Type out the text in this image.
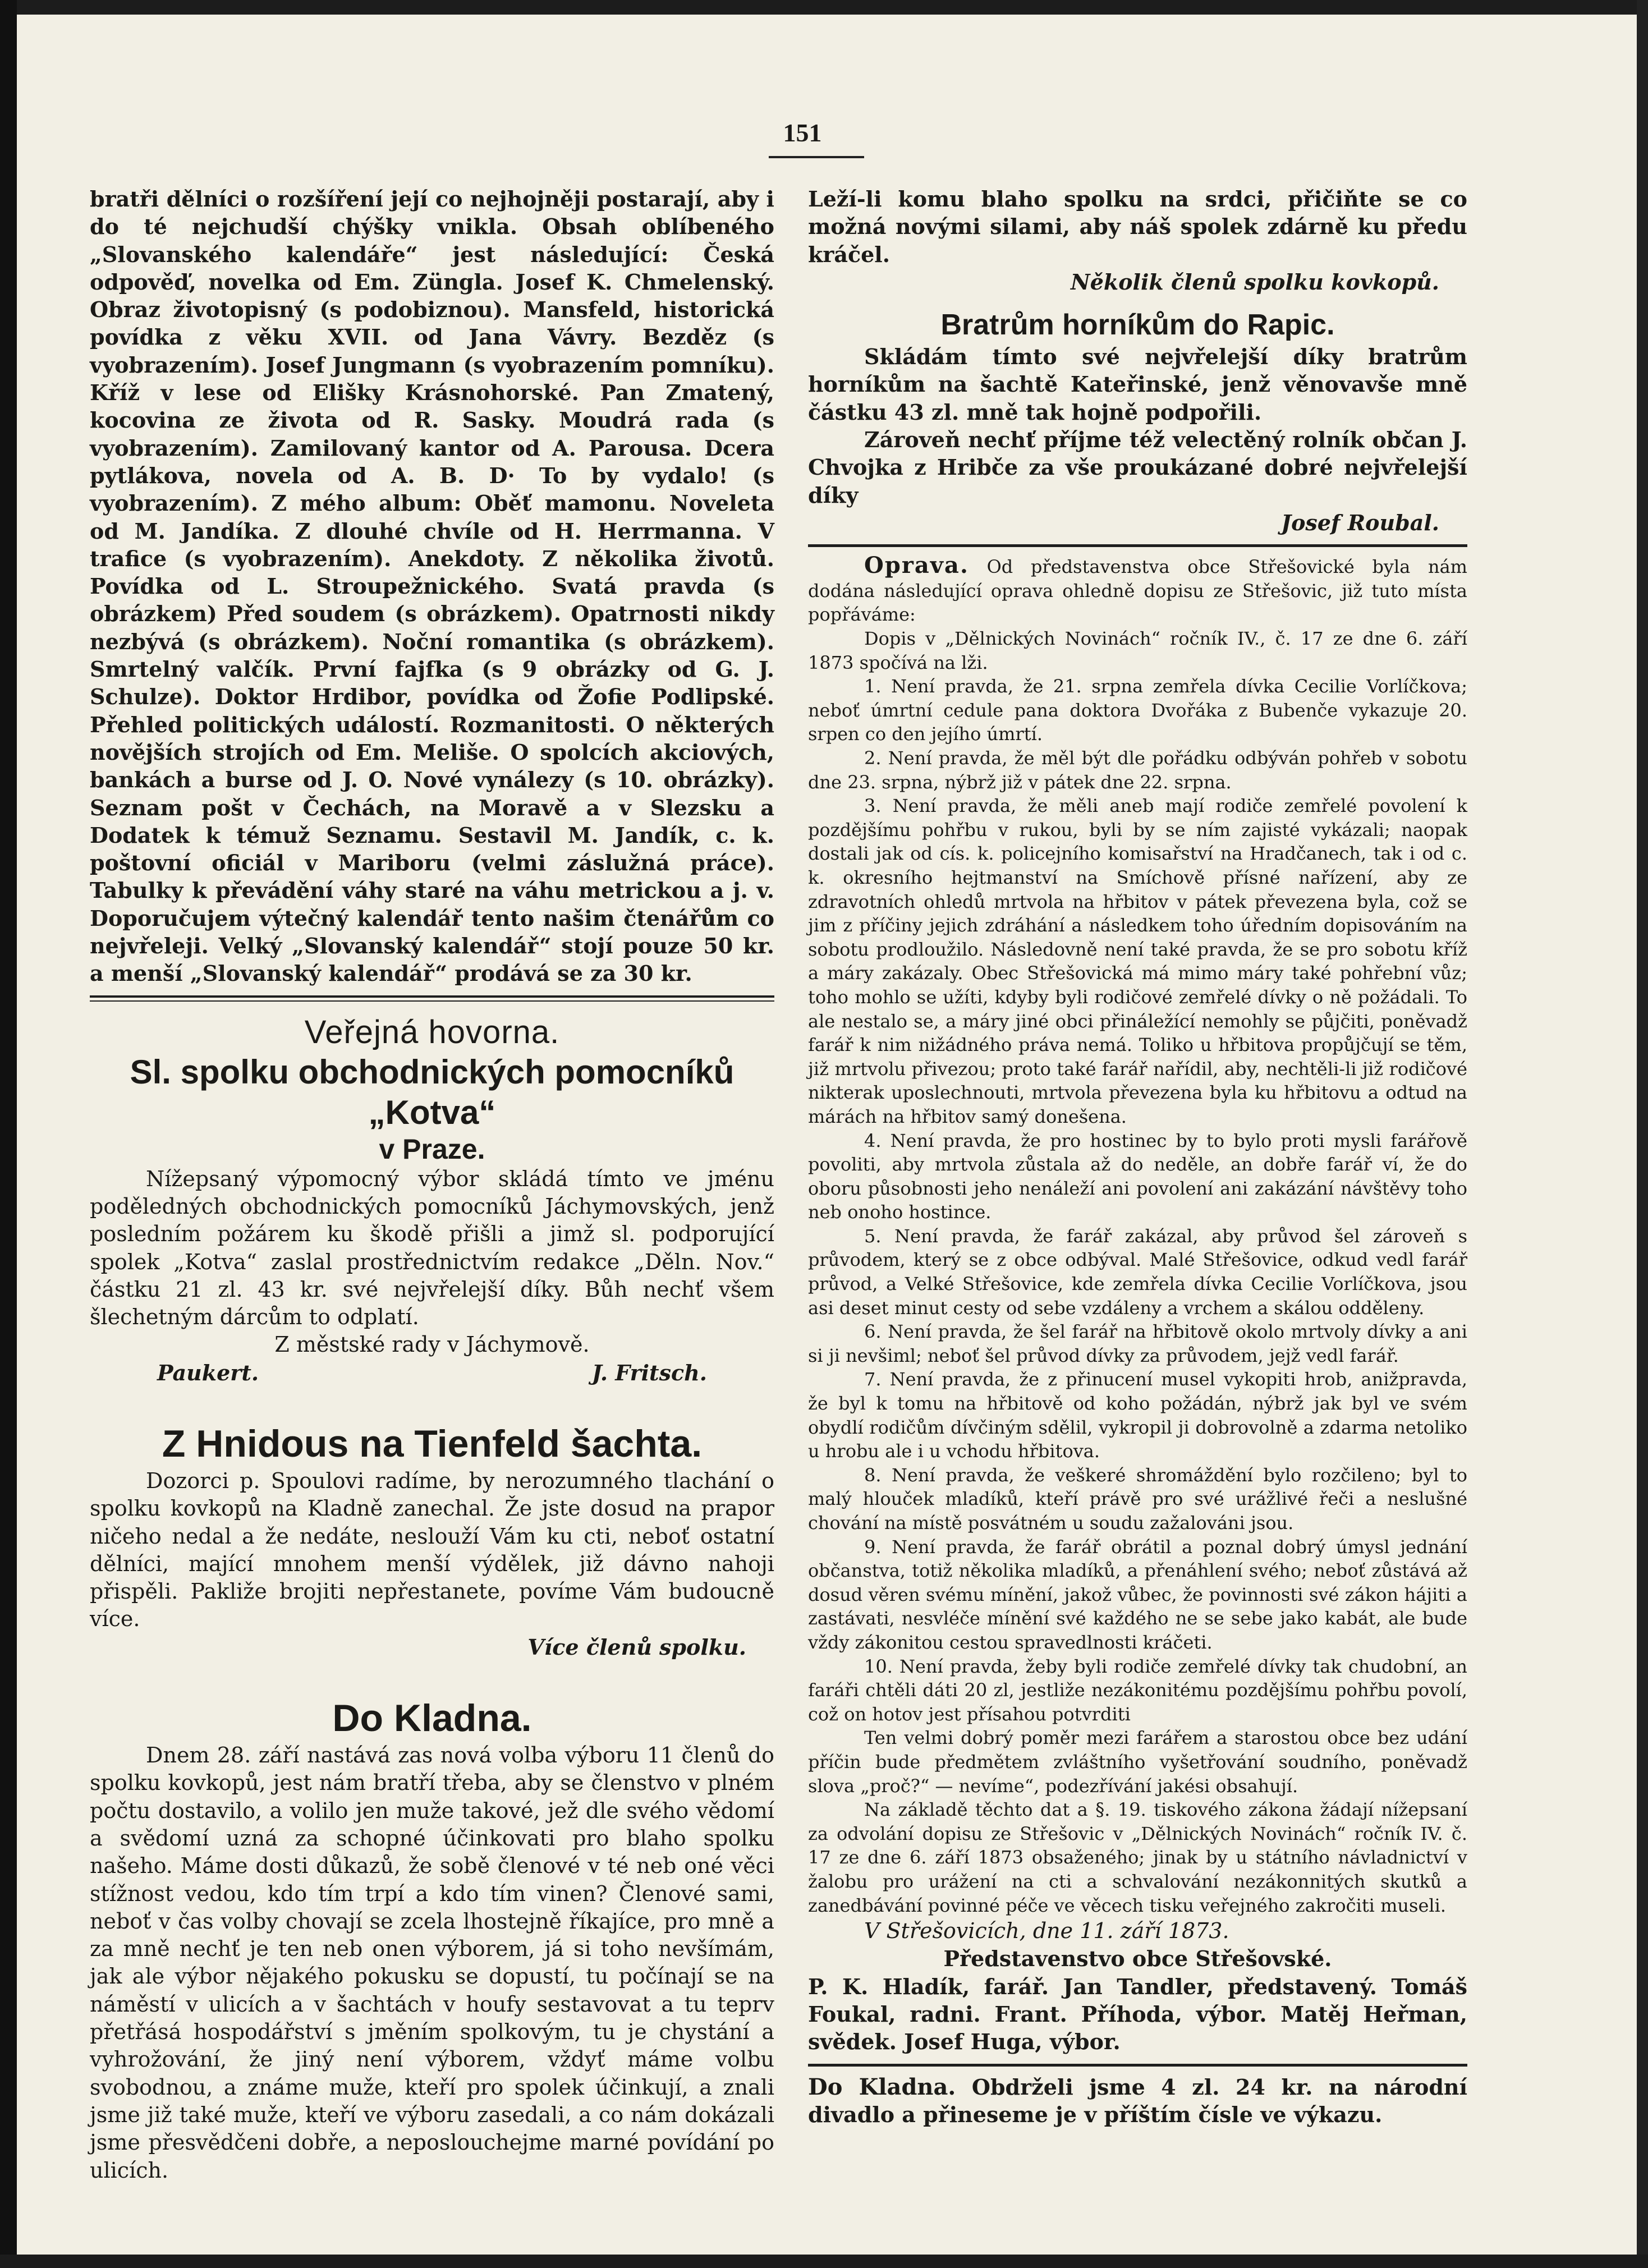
151

bratři dělníci o rozšíření její co nejhojněji postarají, aby i do té nejchudší chýšky vnikla. Obsah oblíbeného „Slovanského kalendáře“ jest následující: Česká odpověď, novelka od Em. Züngla. Josef K. Chmelenský. Obraz životopisný (s podobiznou). Mansfeld, historická povídka z věku XVII. od Jana Vávry. Bezděz (s vyobrazením). Josef Jungmann (s vyobrazením pomníku). Kříž v lese od Elišky Krásnohorské. Pan Zmatený, kocovina ze života od R. Sasky. Moudrá rada (s vyobrazením). Zamilovaný kantor od A. Parousa. Dcera pytlákova, novela od A. B. D· To by vydalo! (s vyobrazením). Z mého album: Oběť mamonu. Noveleta od M. Jandíka. Z dlouhé chvíle od H. Herrmanna. V trafice (s vyobrazením). Anekdoty. Z několika životů. Povídka od L. Stroupežnického. Svatá pravda (s obrázkem) Před soudem (s obrázkem). Opatrnosti nikdy nezbývá (s obrázkem). Noční romantika (s obrázkem). Smrtelný valčík. První fajfka (s 9 obrázky od G. J. Schulze). Doktor Hrdibor, povídka od Žofie Podlipské. Přehled politických událostí. Rozmanitosti. O některých novějších strojích od Em. Meliše. O spolcích akciových, bankách a burse od J. O. Nové vynálezy (s 10. obrázky). Seznam pošt v Čechách, na Moravě a v Slezsku a Dodatek k témuž Seznamu. Sestavil M. Jandík, c. k. poštovní oficiál v Mariboru (velmi záslužná práce). Tabulky k převádění váhy staré na váhu metrickou a j. v. Doporučujem výtečný kalendář tento našim čtenářům co nejvřeleji. Velký „Slovanský kalendář“ stojí pouze 50 kr. a menší „Slovanský kalendář“ prodává se za 30 kr.

Veřejná hovorna.
Sl. spolku obchodnických pomocníků „Kotva“
v Praze.

Nížepsaný výpomocný výbor skládá tímto ve jménu poděledných obchodnických pomocníků Jáchymovských, jenž posledním požárem ku škodě přišli a jimž sl. podporující spolek „Kotva“ zaslal prostřednictvím redakce „Děln. Nov.“ částku 21 zl. 43 kr. své nejvřelejší díky. Bůh nechť všem šlechetným dárcům to odplatí.

Z městské rady v Jáchymově.

Paukert.	J. Fritsch.
Z Hnidous na Tienfeld šachta.

Dozorci p. Spoulovi radíme, by nerozumného tlachání o spolku kovkopů na Kladně zanechal. Že jste dosud na prapor ničeho nedal a že nedáte, neslouží Vám ku cti, neboť ostatní dělníci, mající mnohem menší výdělek, již dávno nahoji přispěli. Pakliže brojiti nepřestanete, povíme Vám budoucně více.

Více členů spolku.

Do Kladna.

Dnem 28. září nastává zas nová volba výboru 11 členů do spolku kovkopů, jest nám bratří třeba, aby se členstvo v plném počtu dostavilo, a volilo jen muže takové, jež dle svého vědomí a svědomí uzná za schopné účinkovati pro blaho spolku našeho. Máme dosti důkazů, že sobě členové v té neb oné věci stížnost vedou, kdo tím trpí a kdo tím vinen? Členové sami, neboť v čas volby chovají se zcela lhostejně říkajíce, pro mně a za mně nechť je ten neb onen výborem, já si toho nevšímám, jak ale výbor nějakého pokusku se dopustí, tu počínají se na náměstí v ulicích a v šachtách v houfy sestavovat a tu teprv přetřásá hospodářství s jměním spolkovým, tu je chystání a vyhrožování, že jiný není výborem, vždyť máme volbu svobodnou, a známe muže, kteří pro spolek účinkují, a znali jsme již také muže, kteří ve výboru zasedali, a co nám dokázali jsme přesvědčeni dobře, a neposlouchejme marné povídání po ulicích.

Leží-li komu blaho spolku na srdci, přičiňte se co možná novými silami, aby náš spolek zdárně ku předu kráčel.

Několik členů spolku kovkopů.

Bratrům horníkům do Rapic.

Skládám tímto své nejvřelejší díky bratrům horníkům na šachtě Kateřinské, jenž věnovavše mně částku 43 zl. mně tak hojně podpořili.

Zároveň nechť příjme též velectěný rolník občan J. Chvojka z Hribče za vše proukázané dobré nejvřelejší díky

Josef Roubal.

Oprava. Od představenstva obce Střešovické byla nám dodána následující oprava ohledně dopisu ze Střešovic, již tuto místa popřáváme:

Dopis v „Dělnických Novinách“ ročník IV., č. 17 ze dne 6. září 1873 spočívá na lži.

1. Není pravda, že 21. srpna zemřela dívka Cecilie Vorlíčkova; neboť úmrtní cedule pana doktora Dvořáka z Bubenče vykazuje 20. srpen co den jejího úmrtí.

2. Není pravda, že měl být dle pořádku odbýván pohřeb v sobotu dne 23. srpna, nýbrž již v pátek dne 22. srpna.

3. Není pravda, že měli aneb mají rodiče zemřelé povolení k pozdějšímu pohřbu v rukou, byli by se ním zajisté vykázali; naopak dostali jak od cís. k. policejního komisařství na Hradčanech, tak i od c. k. okresního hejtmanství na Smíchově přísné nařízení, aby ze zdravotních ohledů mrtvola na hřbitov v pátek převezena byla, což se jim z příčiny jejich zdráhání a následkem toho úředním dopisováním na sobotu prodloužilo. Následovně není také pravda, že se pro sobotu kříž a máry zakázaly. Obec Střešovická má mimo máry také pohřební vůz; toho mohlo se užíti, kdyby byli rodičové zemřelé dívky o ně požádali. To ale nestalo se, a máry jiné obci přináležící nemohly se půjčiti, poněvadž farář k nim nižádného práva nemá. Tolikо u hřbitova propůjčují se těm, již mrtvolu přivezou; proto také farář nařídil, aby, nechtěli-li již rodičové nikterak uposlechnouti, mrtvola převezena byla ku hřbitovu a odtud na márách na hřbitov samý donešena.

4. Není pravda, že pro hostinec by to bylo proti mysli farářově povoliti, aby mrtvola zůstala až do neděle, an dobře farář ví, že do oboru působnosti jeho nenáleží ani povolení ani zakázání návštěvy toho neb onoho hostince.

5. Není pravda, že farář zakázal, aby průvod šel zároveň s průvodem, který se z obce odbýval. Malé Střešovice, odkud vedl farář průvod, a Velké Střešovice, kde zemřela dívka Cecilie Vorlíčkova, jsou asi deset minut cesty od sebe vzdáleny a vrchem a skálou odděleny.

6. Není pravda, že šel farář na hřbitově okolo mrtvoly dívky a ani si ji nevšiml; neboť šel průvod dívky za průvodem, jejž vedl farář.

7. Není pravda, že z přinucení musel vykopiti hrob, anižpravda, že byl k tomu na hřbitově od koho požádán, nýbrž jak byl ve svém obydlí rodičům dívčiným sdělil, vykropil ji dobrovolně a zdarma netoliko u hrobu ale i u vchodu hřbitova.

8. Není pravda, že veškeré shromáždění bylo rozčileno; byl to malý hlouček mladíků, kteří právě pro své urážlivé řeči a neslušné chování na místě posvátném u soudu zažalováni jsou.

9. Není pravda, že farář obrátil a poznal dobrý úmysl jednání občanstva, totiž několika mladíků, a přenáhlení svého; neboť zůstává až dosud věren svému mínění, jakož vůbec, že povinnosti své zákon hájiti a zastávati, nesvléče mínění své každého ne se sebe jako kabát, ale bude vždy zákonitou cestou spravedlnosti kráčeti.

10. Není pravda, žeby byli rodiče zemřelé dívky tak chudobní, an faráři chtěli dáti 20 zl, jestliže nezákonitému pozdějšímu pohřbu povolí, což on hotov jest přísahou potvrditi

Ten velmi dobrý poměr mezi farářem a starostou obce bez udání příčin bude předmětem zvláštního vyšetřování soudního, poněvadž slova „proč?“ — nevíme“, podezřívání jakési obsahují.

Na základě těchto dat a §. 19. tiskového zákona žádají nížepsaní za odvolání dopisu ze Střešovic v „Dělnických Novinách“ ročník IV. č. 17 ze dne 6. září 1873 obsaženého; jinak by u státního návladnictví v žalobu pro urážení na cti a schvalování nezákonnitých skutků a zanedbávání povinné péče ve věcech tisku veřejného zakročiti museli.

V Střešovicích, dne 11. září 1873.

Představenstvo obce Střešovské.

P. K. Hladík, farář. Jan Tandler, představený. Tomáš Foukal, radni. Frant. Příhoda, výbor. Matěj Heřman, svědek. Josef Huga, výbor.

Do Kladna. Obdrželi jsme 4 zl. 24 kr. na národní divadlo a přineseme je v příštím čísle ve výkazu.
